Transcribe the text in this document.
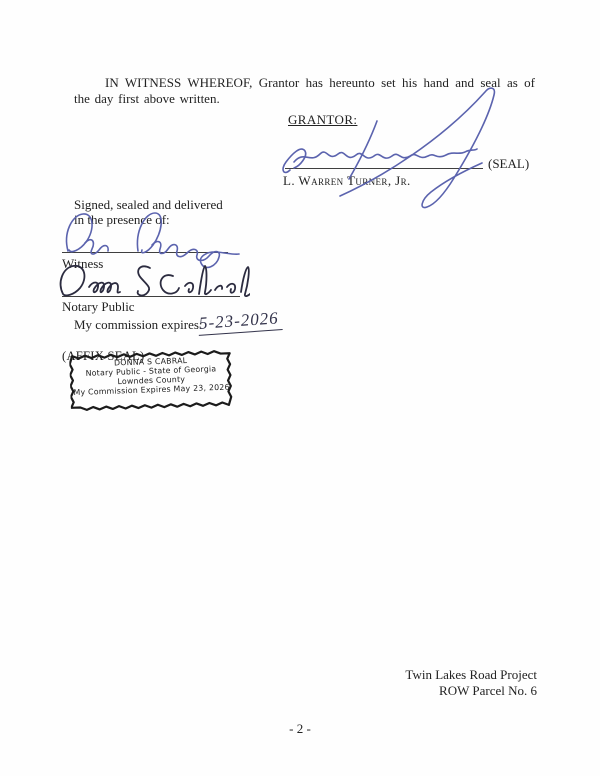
IN WITNESS WHEREOF, Grantor has hereunto set his hand and seal as of the day first above written.
GRANTOR:
(SEAL)
L. Warren Turner, Jr.
Signed, sealed and delivered
in the presence of:
Witness
Notary Public
My commission expires:
5-23-2026
(AFFIX SEAL)
DONNA S CABRAL
Notary Public - State of Georgia
Lowndes County
My Commission Expires May 23, 2026
Twin Lakes Road Project
ROW Parcel No. 6
- 2 -
